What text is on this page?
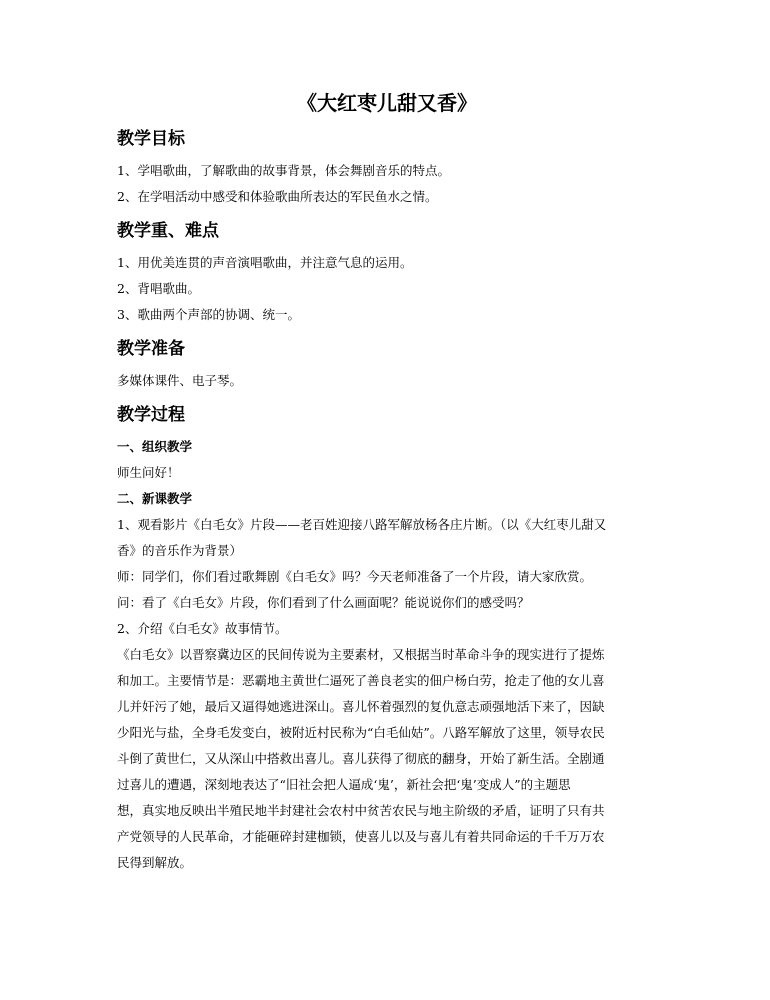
《大红枣儿甜又香》
教学目标

1、学唱歌曲，了解歌曲的故事背景，体会舞剧音乐的特点。

2、在学唱活动中感受和体验歌曲所表达的军民鱼水之情。

教学重、难点

1、用优美连贯的声音演唱歌曲，并注意气息的运用。

2、背唱歌曲。

3、歌曲两个声部的协调、统一。

教学准备

多媒体课件、电子琴。

教学过程

一、组织教学

师生问好！

二、新课教学

1、观看影片《白毛女》片段——老百姓迎接八路军解放杨各庄片断。（以《大红枣儿甜又

香》的音乐作为背景）

师：同学们，你们看过歌舞剧《白毛女》吗？今天老师准备了一个片段，请大家欣赏。

问：看了《白毛女》片段，你们看到了什么画面呢？能说说你们的感受吗？

2、介绍《白毛女》故事情节。

《白毛女》以晋察冀边区的民间传说为主要素材，又根据当时革命斗争的现实进行了提炼

和加工。主要情节是：恶霸地主黄世仁逼死了善良老实的佃户杨白劳，抢走了他的女儿喜

儿并奸污了她，最后又逼得她逃进深山。喜儿怀着强烈的复仇意志顽强地活下来了，因缺

少阳光与盐，全身毛发变白，被附近村民称为“白毛仙姑”。八路军解放了这里，领导农民

斗倒了黄世仁，又从深山中搭救出喜儿。喜儿获得了彻底的翻身，开始了新生活。全剧通

过喜儿的遭遇，深刻地表达了“旧社会把人逼成‘鬼’，新社会把‘鬼’变成人”的主题思

想，真实地反映出半殖民地半封建社会农村中贫苦农民与地主阶级的矛盾，证明了只有共

产党领导的人民革命，才能砸碎封建枷锁，使喜儿以及与喜儿有着共同命运的千千万万农

民得到解放。
